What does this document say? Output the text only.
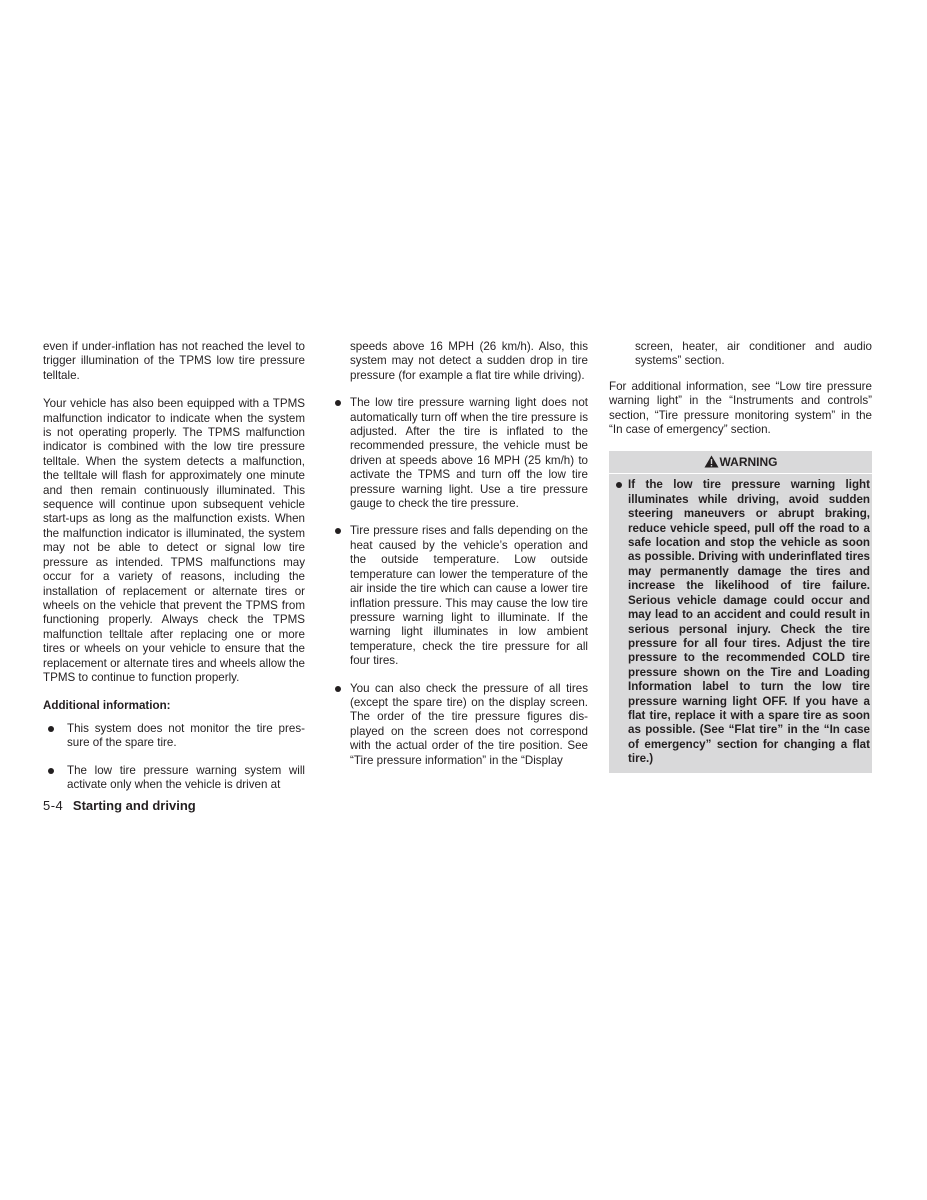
even if under-inflation has not reached the level to trigger illumination of the TPMS low tire pressure telltale.

Your vehicle has also been equipped with a TPMS malfunction indicator to indicate when the system is not operating properly. The TPMS malfunction indicator is combined with the low tire pressure telltale. When the system detects a malfunction, the telltale will flash for approximately one minute and then remain continuously illuminated. This sequence will continue upon subsequent vehicle start-ups as long as the malfunction exists. When the malfunction indicator is illuminated, the system may not be able to detect or signal low tire pressure as intended. TPMS malfunctions may occur for a variety of reasons, including the installation of replacement or alternate tires or wheels on the vehicle that prevent the TPMS from functioning properly. Always check the TPMS malfunction telltale after replacing one or more tires or wheels on your vehicle to ensure that the replacement or alternate tires and wheels allow the TPMS to continue to function properly.

Additional information:
This system does not monitor the tire pressure of the spare tire.
The low tire pressure warning system will activate only when the vehicle is driven at
speeds above 16 MPH (26 km/h). Also, this system may not detect a sudden drop in tire pressure (for example a flat tire while driving).
The low tire pressure warning light does not automatically turn off when the tire pressure is adjusted. After the tire is inflated to the recommended pressure, the vehicle must be driven at speeds above 16 MPH (25 km/h) to activate the TPMS and turn off the low tire pressure warning light. Use a tire pressure gauge to check the tire pressure.
Tire pressure rises and falls depending on the heat caused by the vehicle’s operation and the outside temperature. Low outside temperature can lower the temperature of the air inside the tire which can cause a lower tire inflation pressure. This may cause the low tire pressure warning light to illuminate. If the warning light illuminates in low ambient temperature, check the tire pressure for all four tires.
You can also check the pressure of all tires (except the spare tire) on the display screen. The order of the tire pressure figures displayed on the screen does not correspond with the actual order of the tire position. See “Tire pressure information” in the “Display
screen, heater, air conditioner and audio systems” section.

For additional information, see “Low tire pressure warning light” in the “Instruments and controls” section, “Tire pressure monitoring system” in the “In case of emergency” section.

WARNING
If the low tire pressure warning light illuminates while driving, avoid sudden steering maneuvers or abrupt braking, reduce vehicle speed, pull off the road to a safe location and stop the vehicle as soon as possible. Driving with underinflated tires may permanently damage the tires and increase the likelihood of tire failure. Serious vehicle damage could occur and may lead to an accident and could result in serious personal injury. Check the tire pressure for all four tires. Adjust the tire pressure to the recommended COLD tire pressure shown on the Tire and Loading Information label to turn the low tire pressure warning light OFF. If you have a flat tire, replace it with a spare tire as soon as possible. (See “Flat tire” in the “In case of emergency” section for changing a flat tire.)
5-4 Starting and driving
